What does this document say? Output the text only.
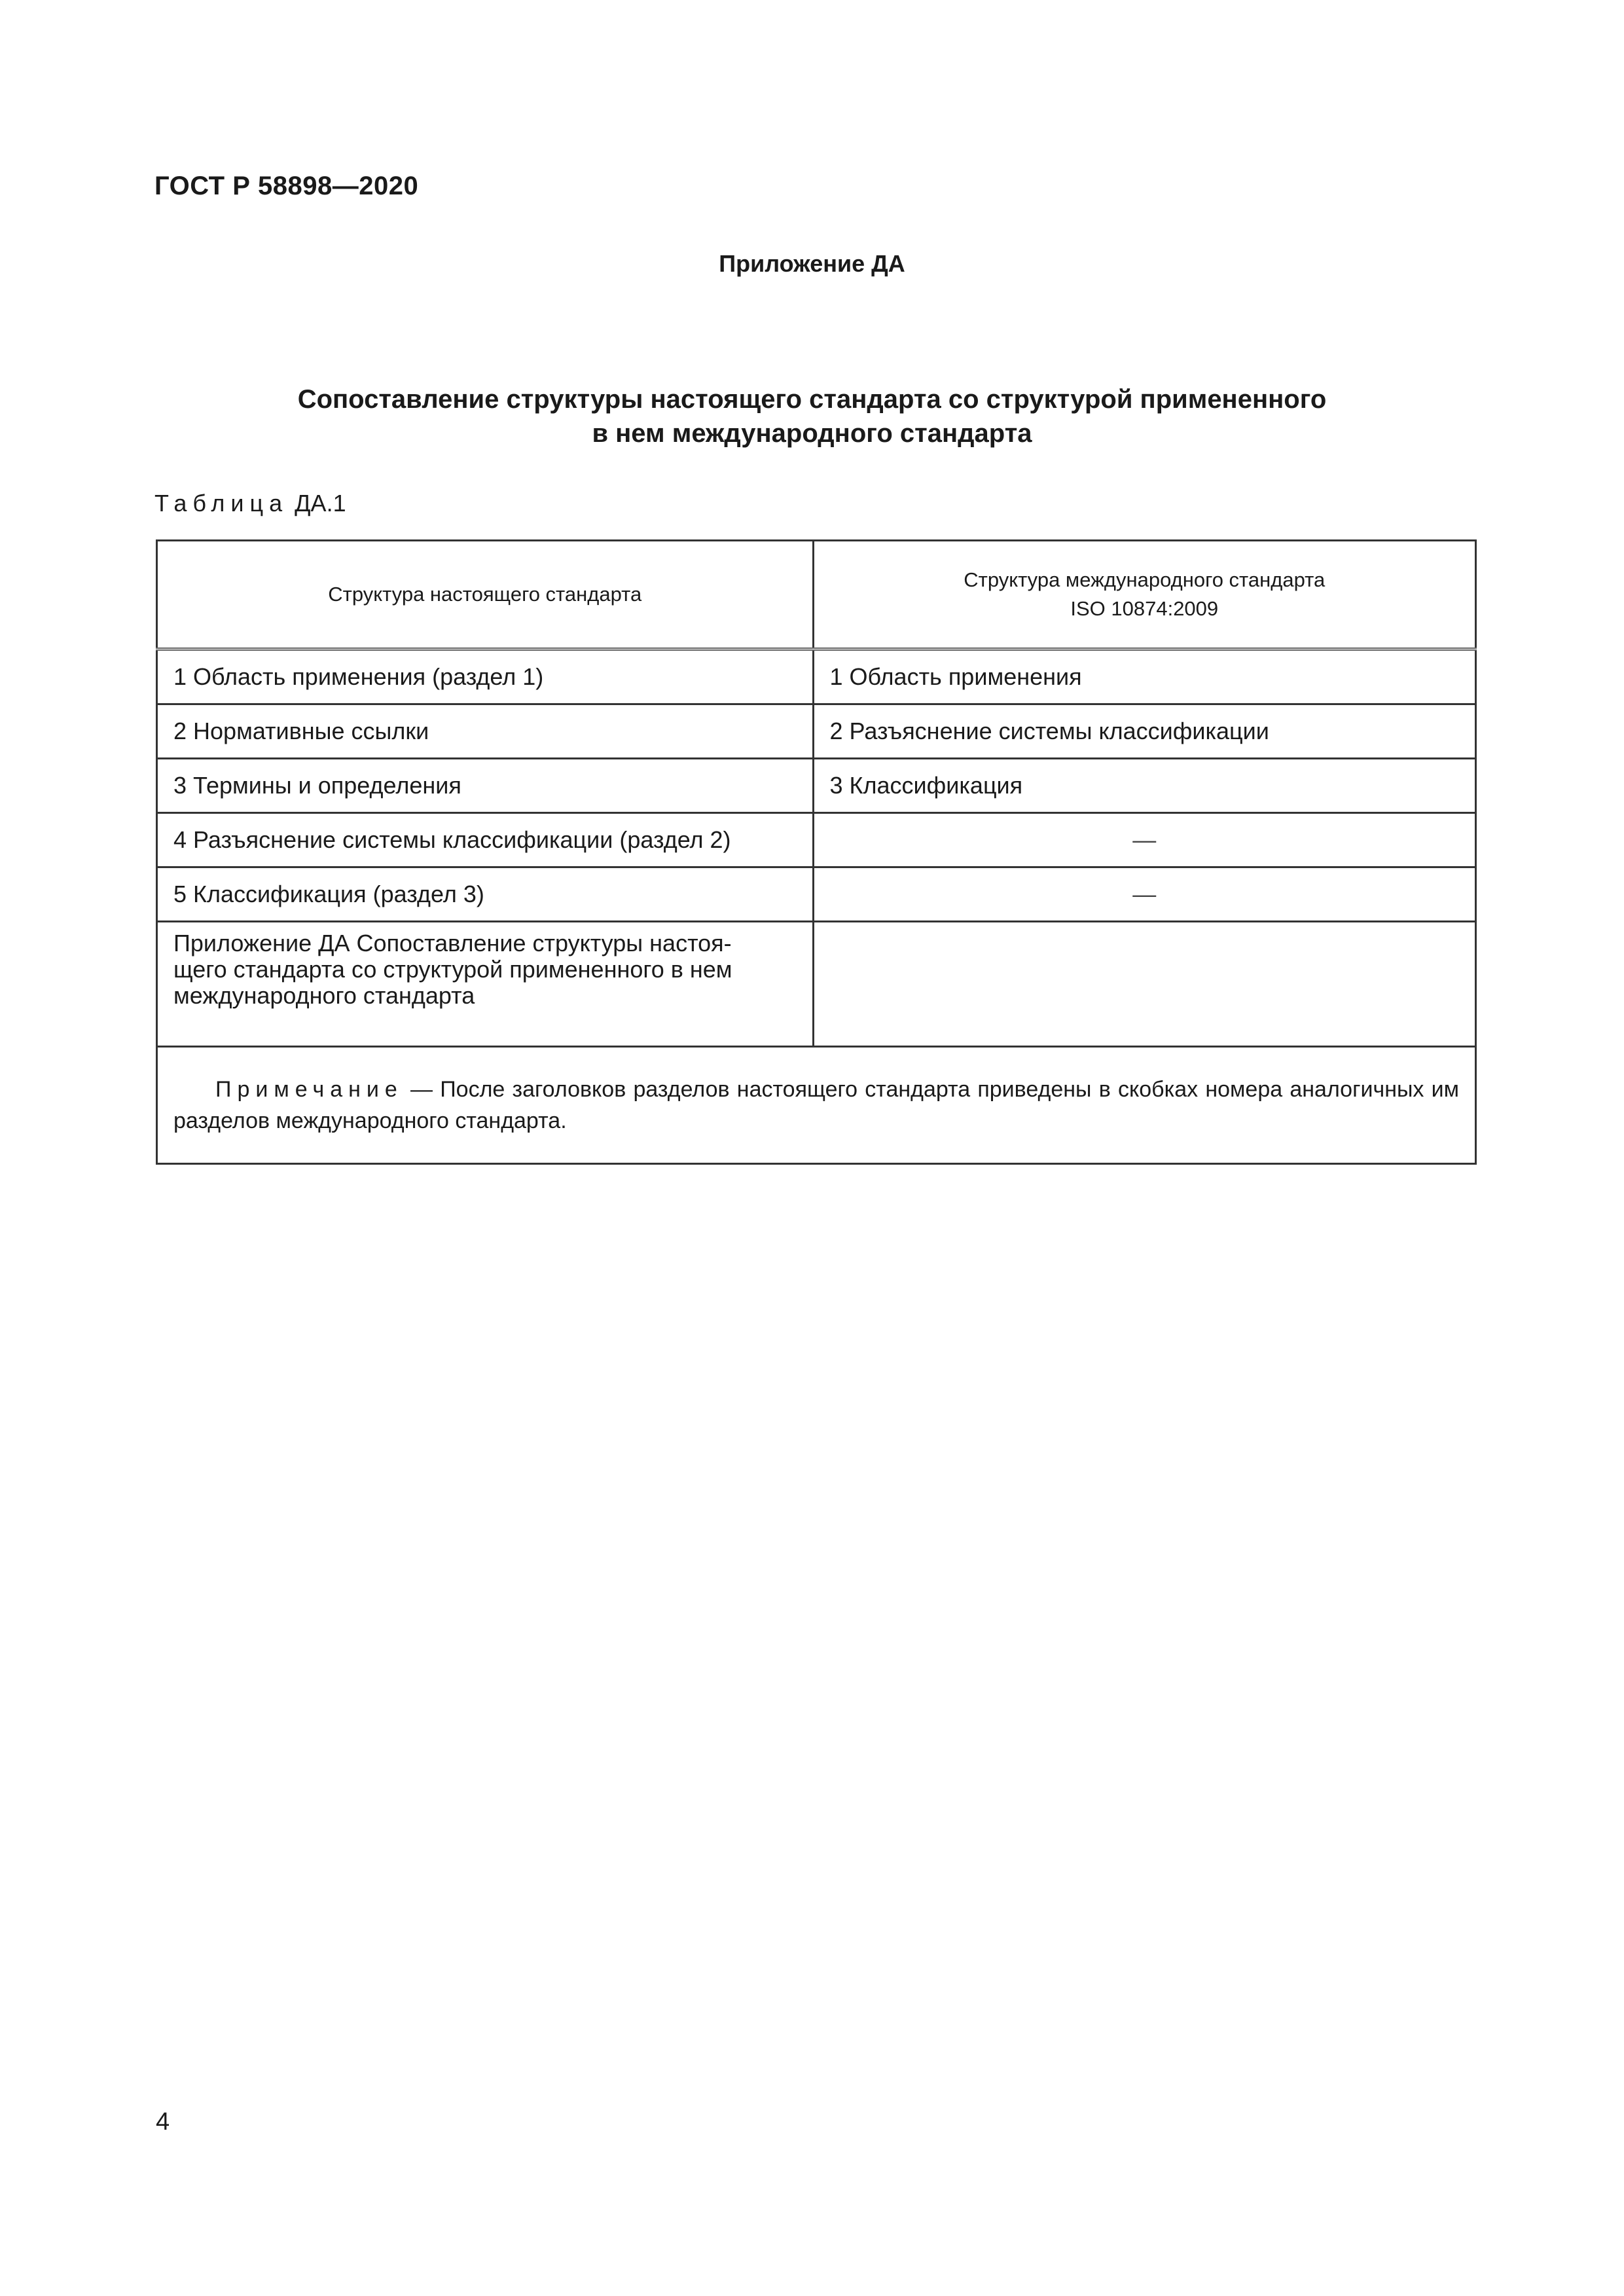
ГОСТ Р 58898—2020
Приложение ДА
Сопоставление структуры настоящего стандарта со структурой примененного
в нем международного стандарта
Таблица ДА.1
Структура настоящего стандарта	Структура международного стандарта
ISO 10874:2009

1 Область применения (раздел 1)	1 Область применения
2 Нормативные ссылки	2 Разъяснение системы классификации
3 Термины и определения	3 Классификация
4 Разъяснение системы классификации (раздел 2)	—
5 Классификация (раздел 3)	—

Приложение ДА Сопоставление структуры настоя-
щего стандарта со структурой примененного в нем
международного стандарта	

Примечание — После заголовков разделов настоящего стандарта приведены в скобках номера аналогичных им разделов международного стандарта.	
4
